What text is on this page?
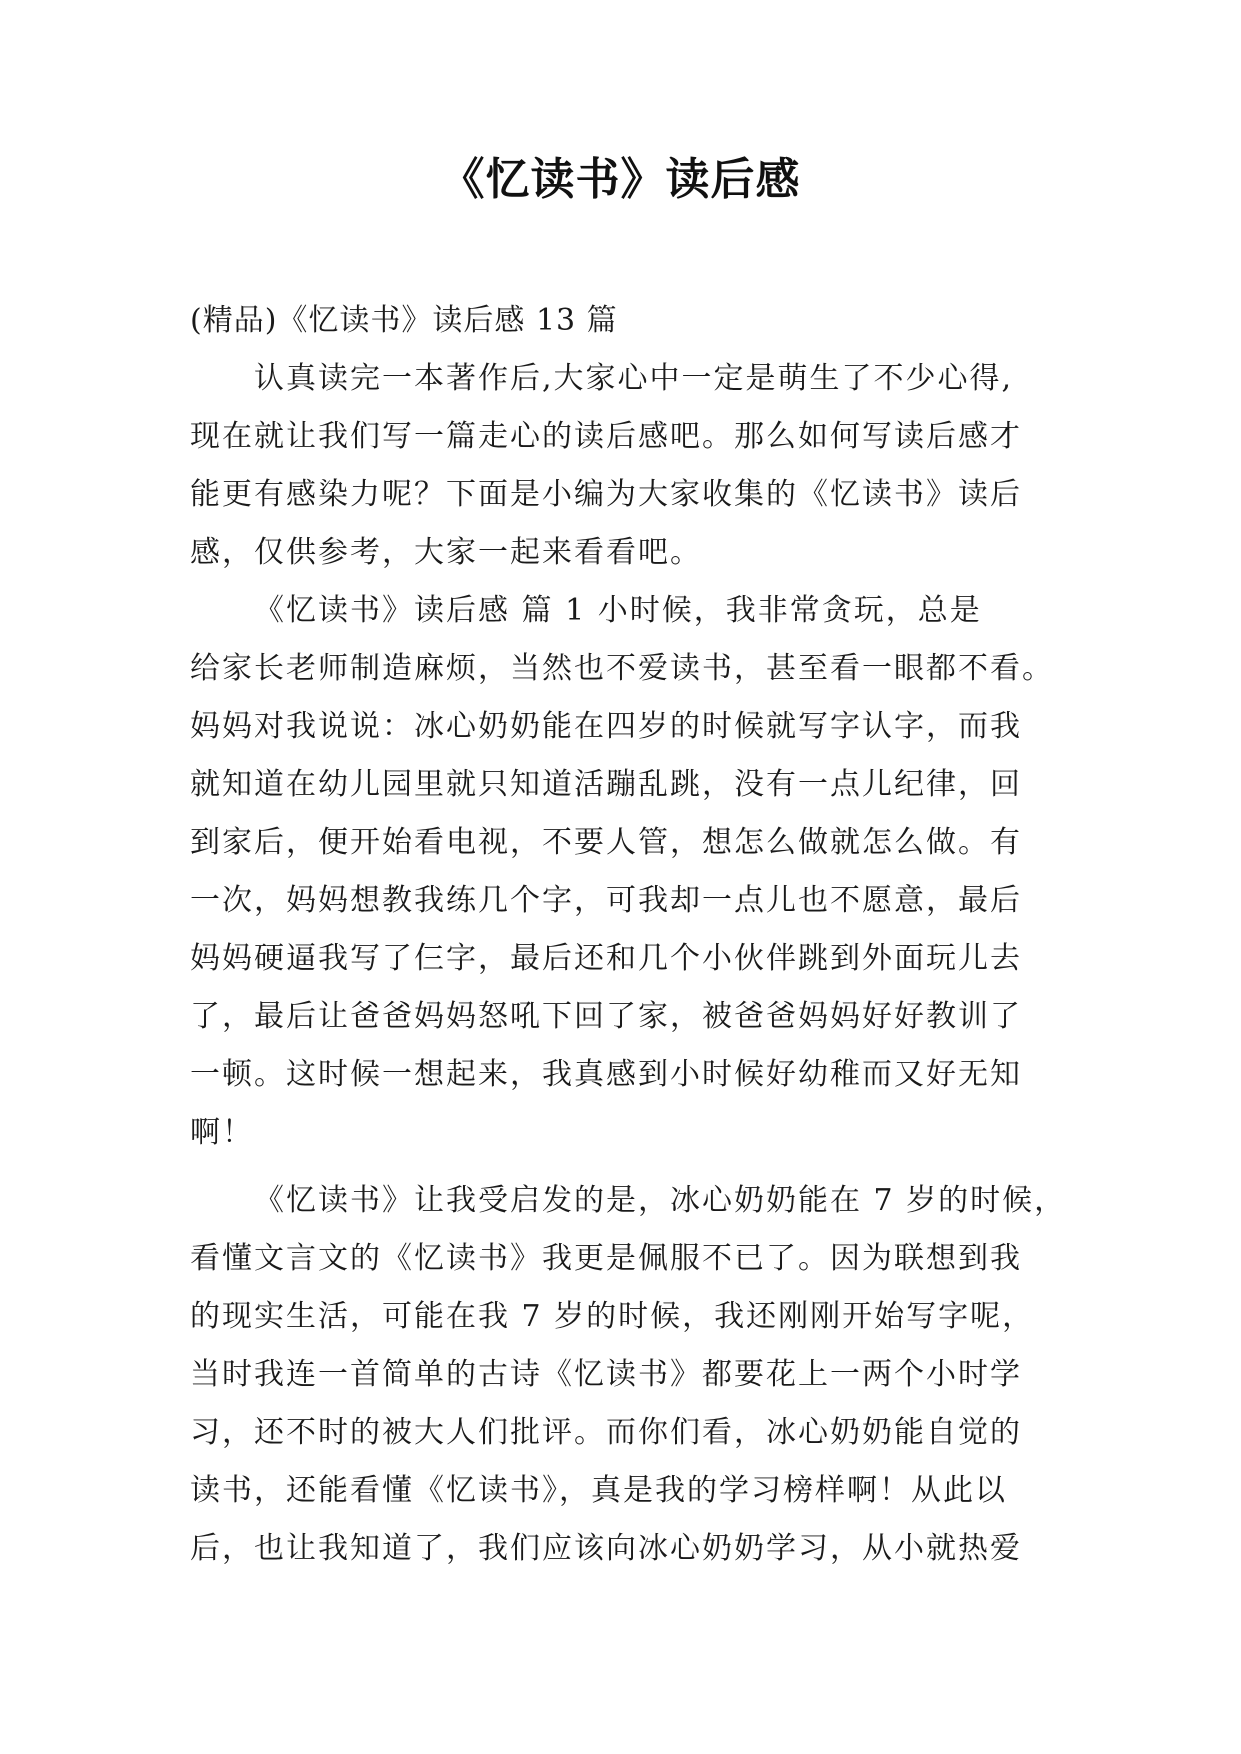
《忆读书》读后感
(精品)《忆读书》读后感 13 篇
认真读完一本著作后,大家心中一定是萌生了不少心得,
现在就让我们写一篇走心的读后感吧。那么如何写读后感才
能更有感染力呢？下面是小编为大家收集的《忆读书》读后
感，仅供参考，大家一起来看看吧。
《忆读书》读后感 篇 1 小时候，我非常贪玩，总是
给家长老师制造麻烦，当然也不爱读书，甚至看一眼都不看。
妈妈对我说说：冰心奶奶能在四岁的时候就写字认字，而我
就知道在幼儿园里就只知道活蹦乱跳，没有一点儿纪律，回
到家后，便开始看电视，不要人管，想怎么做就怎么做。有
一次，妈妈想教我练几个字，可我却一点儿也不愿意，最后
妈妈硬逼我写了仨字，最后还和几个小伙伴跳到外面玩儿去
了，最后让爸爸妈妈怒吼下回了家，被爸爸妈妈好好教训了
一顿。这时候一想起来，我真感到小时候好幼稚而又好无知
啊！
《忆读书》让我受启发的是，冰心奶奶能在 7 岁的时候，
看懂文言文的《忆读书》我更是佩服不已了。因为联想到我
的现实生活，可能在我 7 岁的时候，我还刚刚开始写字呢，
当时我连一首简单的古诗《忆读书》都要花上一两个小时学
习，还不时的被大人们批评。而你们看，冰心奶奶能自觉的
读书，还能看懂《忆读书》，真是我的学习榜样啊！从此以
后，也让我知道了，我们应该向冰心奶奶学习，从小就热爱
